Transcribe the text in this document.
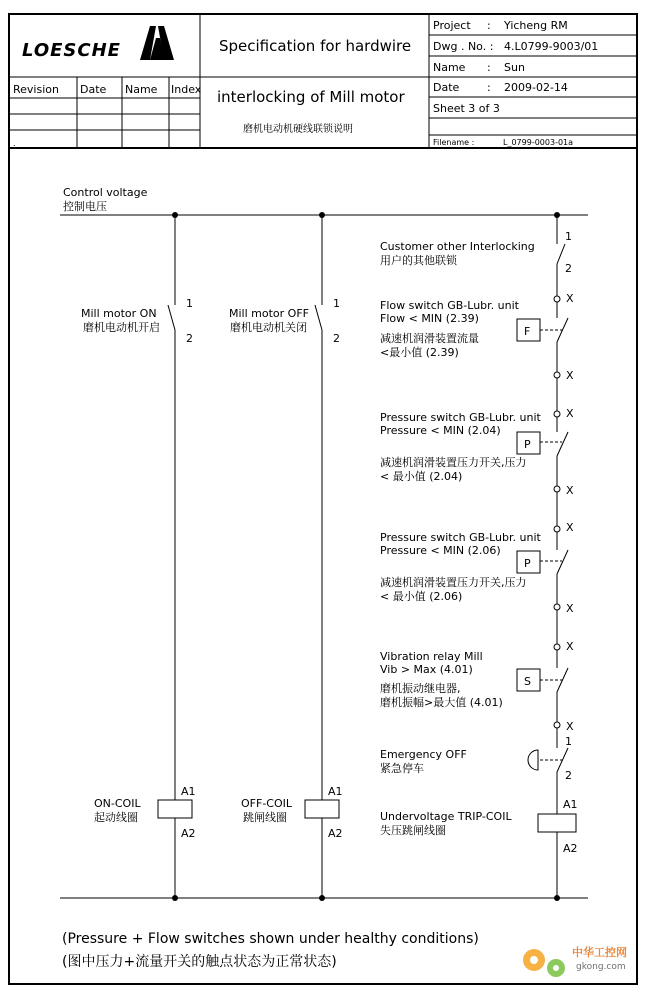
LOESCHE	Specification for hardwire
interlocking of Mill motor
磨机电动机硬线联锁说明
Revision Date Name Index
.
Project : Yicheng RM
Dwg . No. : 4.L0799-9003/01
Name : Sun
Date	: 2009-02-14
Sheet 3 of 3
Filename :	L_0799-0003-01a
Control voltage
控制电压
1
2
Mill motor ON
磨机电动机开启
A1
A2
ON-COIL
起动线圈
1
2
Mill motor OFF
磨机电动机关闭
A1
A2
OFF-COIL
跳闸线圈
1
2
Customer other Interlocking
用户的其他联锁
F
X
X
Flow switch GB-Lubr. unit
Flow < MIN (2.39)
减速机润滑装置流量
<最小值 (2.39)
P
X
X
Pressure switch GB-Lubr. unit
Pressure < MIN (2.04)
减速机润滑装置压力开关,压力
< 最小值 (2.04)
P
X
X
Pressure switch GB-Lubr. unit
Pressure < MIN (2.06)
减速机润滑装置压力开关,压力
< 最小值 (2.06)
S
X
X
Vibration relay Mill
Vib > Max (4.01)
磨机振动继电器,
磨机振幅>最大值 (4.01)
1
2
Emergency OFF
紧急停车
A1
A2
Undervoltage TRIP-COIL
失压跳闸线圈
(Pressure + Flow switches shown under healthy conditions)
(图中压力+流量开关的触点状态为正常状态)
中华工控网
gkong.com
